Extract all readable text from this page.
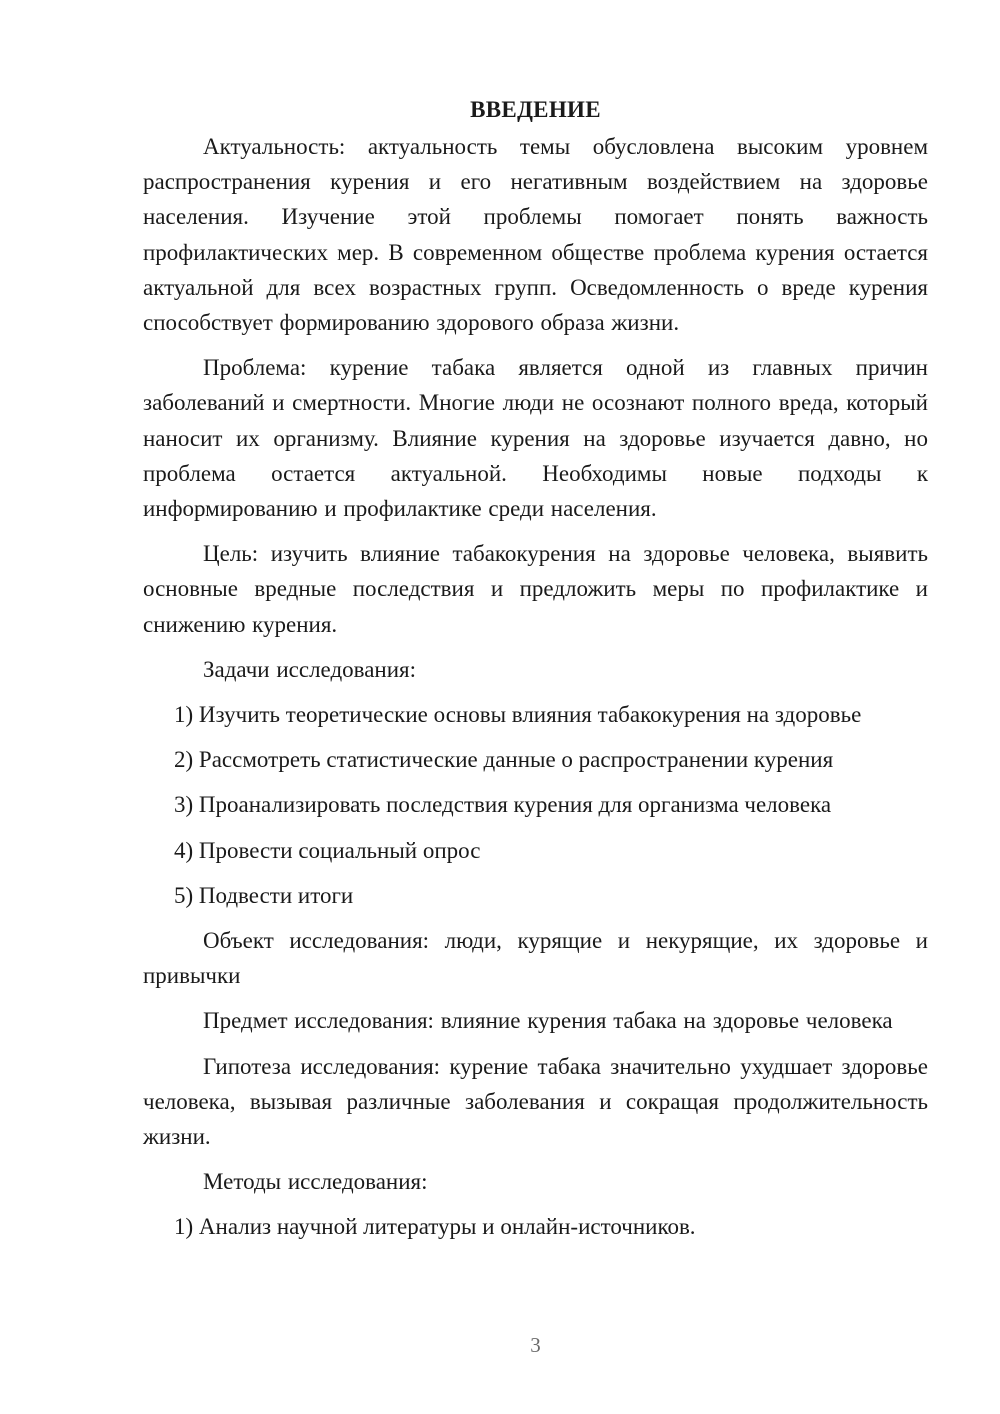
ВВЕДЕНИЕ

Актуальность: актуальность темы обусловлена высоким уровнем распространения курения и его негативным воздействием на здоровье населения. Изучение этой проблемы помогает понять важность профилактических мер. В современном обществе проблема курения остается актуальной для всех возрастных групп. Осведомленность о вреде курения способствует формированию здорового образа жизни.

Проблема: курение табака является одной из главных причин заболеваний и смертности. Многие люди не осознают полного вреда, который наносит их организму. Влияние курения на здоровье изучается давно, но проблема остается актуальной. Необходимы новые подходы к информированию и профилактике среди населения.

Цель: изучить влияние табакокурения на здоровье человека, выявить основные вредные последствия и предложить меры по профилактике и снижению курения.

Задачи исследования:

1) Изучить теоретические основы влияния табакокурения на здоровье
2) Рассмотреть статистические данные о распространении курения
3) Проанализировать последствия курения для организма человека
4) Провести социальный опрос
5) Подвести итоги

Объект исследования: люди, курящие и некурящие, их здоровье и привычки

Предмет исследования: влияние курения табака на здоровье человека

Гипотеза исследования: курение табака значительно ухудшает здоровье человека, вызывая различные заболевания и сокращая продолжительность жизни.

Методы исследования:

1) Анализ научной литературы и онлайн-источников.
3
